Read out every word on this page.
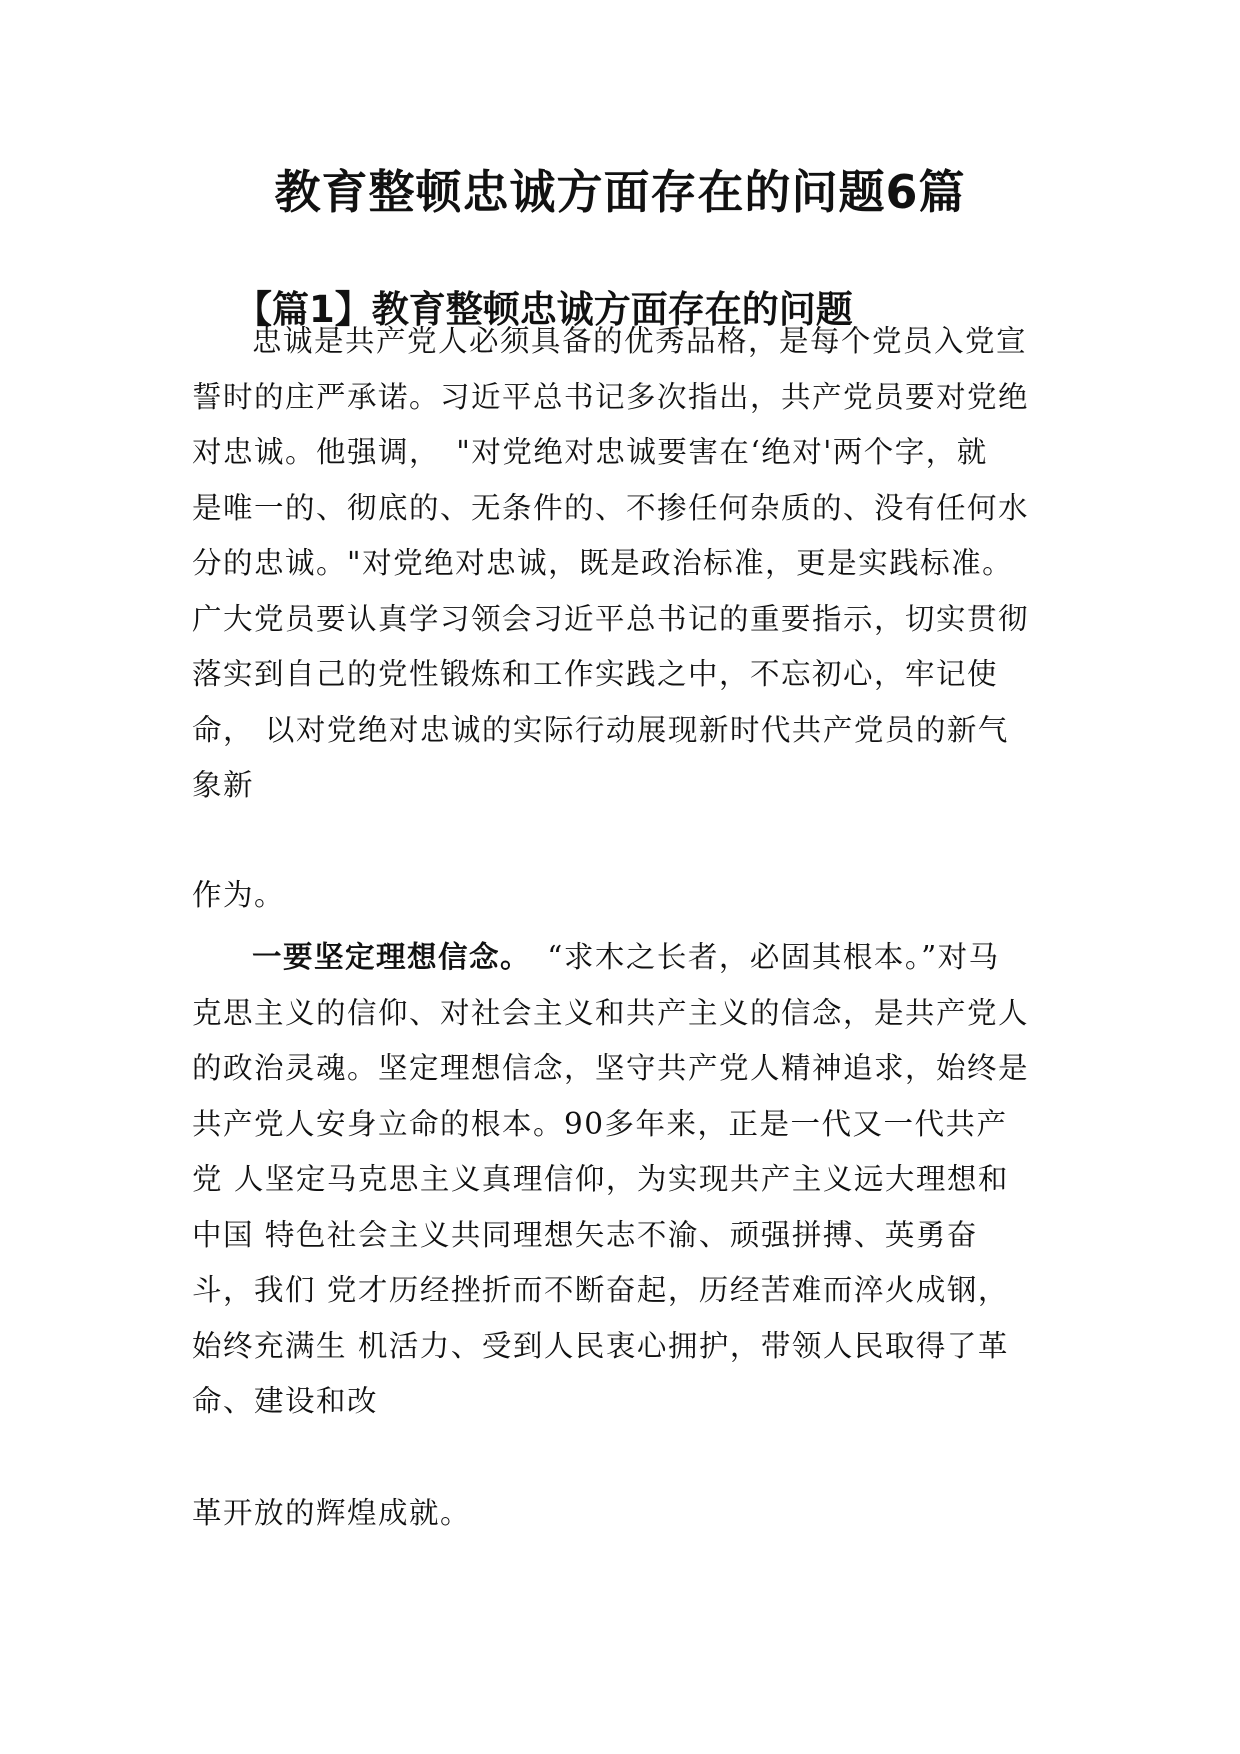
教育整顿忠诚方面存在的问题6篇
【篇1】教育整顿忠诚方面存在的问题
忠诚是共产党人必须具备的优秀品格，是每个党员入党宣
誓时的庄严承诺。习近平总书记多次指出，共产党员要对党绝
对忠诚。他强调，　"对党绝对忠诚要害在‘绝对'两个字，就
是唯一的、彻底的、无条件的、不掺任何杂质的、没有任何水
分的忠诚。"对党绝对忠诚，既是政治标准，更是实践标准。
广大党员要认真学习领会习近平总书记的重要指示，切实贯彻
落实到自己的党性锻炼和工作实践之中，不忘初心，牢记使
命， 以对党绝对忠诚的实际行动展现新时代共产党员的新气
象新
作为。
一要坚定理想信念。　“求木之长者，必固其根本。”对马
克思主义的信仰、对社会主义和共产主义的信念，是共产党人
的政治灵魂。坚定理想信念，坚守共产党人精神追求，始终是
共产党人安身立命的根本。90多年来，正是一代又一代共产
党 人坚定马克思主义真理信仰，为实现共产主义远大理想和
中国 特色社会主义共同理想矢志不渝、顽强拼搏、英勇奋
斗，我们 党才历经挫折而不断奋起，历经苦难而淬火成钢，
始终充满生 机活力、受到人民衷心拥护，带领人民取得了革
命、建设和改
革开放的辉煌成就。
